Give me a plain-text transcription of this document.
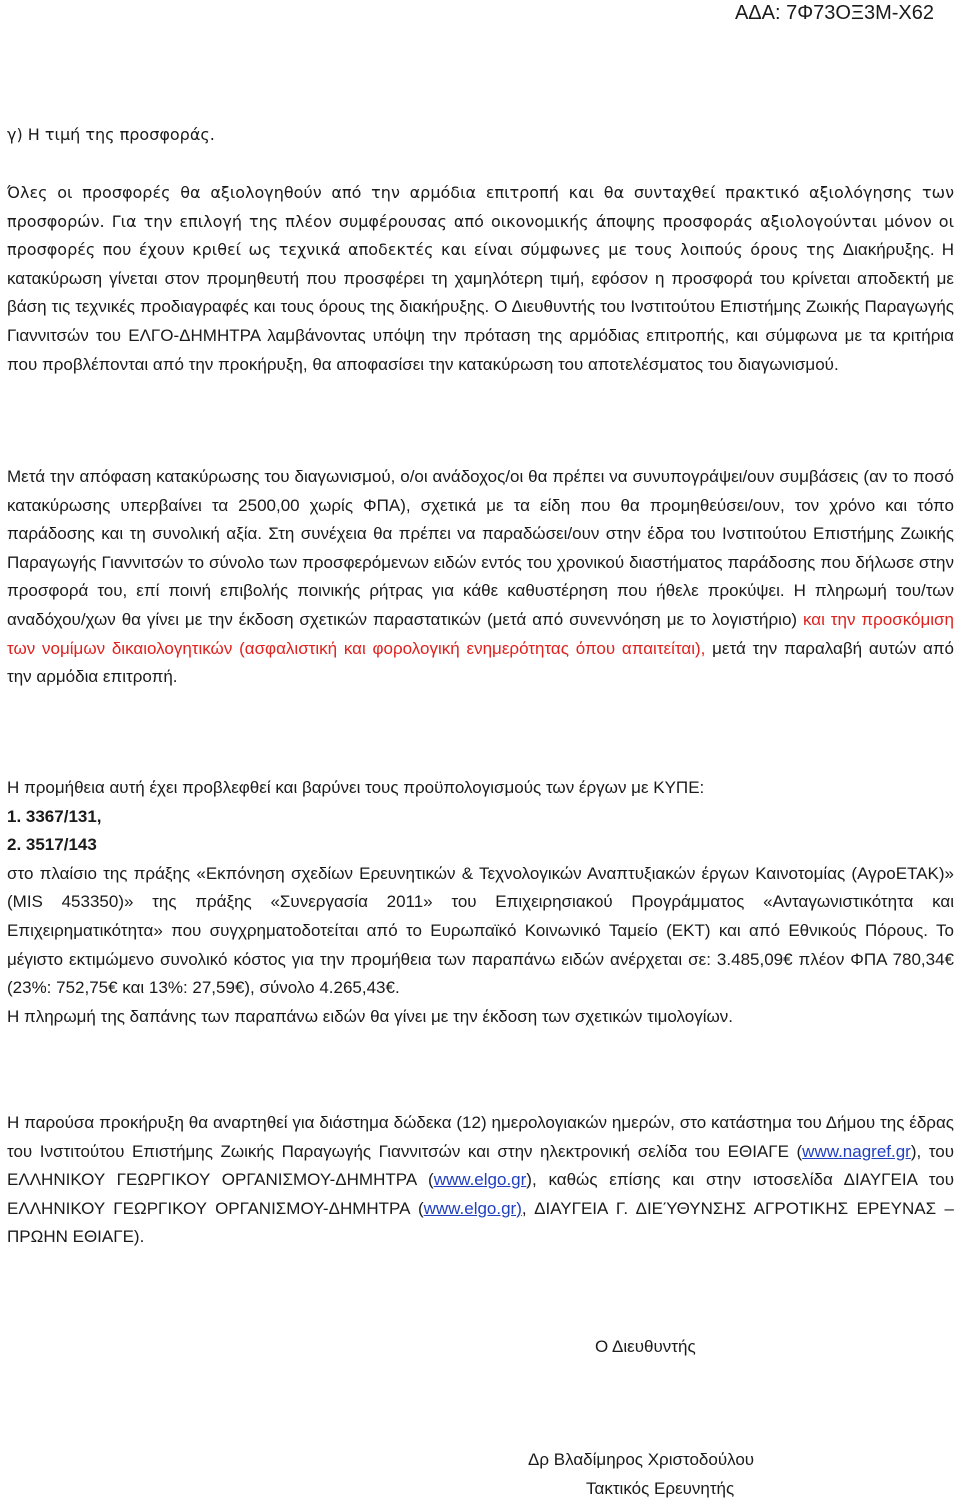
ΑΔΑ: 7Φ73ΟΞ3Μ-Χ62

γ) Η τιμή της προσφοράς.

Όλες οι προσφορές θα αξιολογηθούν από την αρμόδια επιτροπή και θα συνταχθεί πρακτικό αξιολόγησης των προσφορών. Για την επιλογή της πλέον συμφέρουσας από οικονομικής άποψης προσφοράς αξιολογούνται μόνον οι προσφορές που έχουν κριθεί ως τεχνικά αποδεκτές και είναι σύμφωνες με τους λοιπούς όρους της Διακήρυξης. Η κατακύρωση γίνεται στον προμηθευτή που προσφέρει τη χαμηλότερη τιμή, εφόσον η προσφορά του κρίνεται αποδεκτή με βάση τις τεχνικές προδιαγραφές και τους όρους της διακήρυξης. Ο Διευθυντής του Ινστιτούτου Επιστήμης Ζωικής Παραγωγής Γιαννιτσών του ΕΛΓΟ-ΔΗΜΗΤΡΑ λαμβάνοντας υπόψη την πρόταση της αρμόδιας επιτροπής, και σύμφωνα με τα κριτήρια που προβλέπονται από την προκήρυξη, θα αποφασίσει την κατακύρωση του αποτελέσματος του διαγωνισμού.

Μετά την απόφαση κατακύρωσης του διαγωνισμού, ο/οι ανάδοχος/οι θα πρέπει να συνυπογράψει/ουν συμβάσεις (αν το ποσό κατακύρωσης υπερβαίνει τα 2500,00 χωρίς ΦΠΑ), σχετικά με τα είδη που θα προμηθεύσει/ουν, τον χρόνο και τόπο παράδοσης και τη συνολική αξία. Στη συνέχεια θα πρέπει να παραδώσει/ουν στην έδρα του Ινστιτούτου Επιστήμης Ζωικής Παραγωγής Γιαννιτσών το σύνολο των προσφερόμενων ειδών εντός του χρονικού διαστήματος παράδοσης που δήλωσε στην προσφορά του, επί ποινή επιβολής ποινικής ρήτρας για κάθε καθυστέρηση που ήθελε προκύψει. Η πληρωμή του/των αναδόχου/χων θα γίνει με την έκδοση σχετικών παραστατικών (μετά από συνεννόηση με το λογιστήριο) και την προσκόμιση των νομίμων δικαιολογητικών (ασφαλιστική και φορολογική ενημερότητας όπου απαιτείται), μετά την παραλαβή αυτών από την αρμόδια επιτροπή.

Η προμήθεια αυτή έχει προβλεφθεί και βαρύνει τους προϋπολογισμούς των έργων με ΚΥΠΕ:

1. 3367/131,

2. 3517/143

στο πλαίσιο της πράξης «Εκπόνηση σχεδίων Ερευνητικών & Τεχνολογικών Αναπτυξιακών έργων Καινοτομίας (ΑγροΕΤΑΚ)» (MIS 453350)» της πράξης «Συνεργασία 2011» του Επιχειρησιακού Προγράμματος «Ανταγωνιστικότητα και Επιχειρηματικότητα» που συγχρηματοδοτείται από το Ευρωπαϊκό Κοινωνικό Ταμείο (ΕΚΤ) και από Εθνικούς Πόρους. Το μέγιστο εκτιμώμενο συνολικό κόστος για την προμήθεια των παραπάνω ειδών ανέρχεται σε: 3.485,09€ πλέον ΦΠΑ 780,34€ (23%: 752,75€ και 13%: 27,59€), σύνολο 4.265,43€.

Η πληρωμή της δαπάνης των παραπάνω ειδών θα γίνει με την έκδοση των σχετικών τιμολογίων.

Η παρούσα προκήρυξη θα αναρτηθεί για διάστημα δώδεκα (12) ημερολογιακών ημερών, στο κατάστημα του Δήμου της έδρας του Ινστιτούτου Επιστήμης Ζωικής Παραγωγής Γιαννιτσών και στην ηλεκτρονική σελίδα του ΕΘΙΑΓΕ (www.nagref.gr), του ΕΛΛΗΝΙΚΟΥ ΓΕΩΡΓΙΚΟΥ ΟΡΓΑΝΙΣΜΟΥ-ΔΗΜΗΤΡΑ (www.elgo.gr), καθώς επίσης και στην ιστοσελίδα ΔΙΑΥΓΕΙΑ του ΕΛΛΗΝΙΚΟΥ ΓΕΩΡΓΙΚΟΥ ΟΡΓΑΝΙΣΜΟΥ-ΔΗΜΗΤΡΑ (www.elgo.gr), ΔΙΑΥΓΕΙΑ Γ. ΔΙΕΎΘΥΝΣΗΣ ΑΓΡΟΤΙΚΗΣ ΕΡΕΥΝΑΣ – ΠΡΩΗΝ ΕΘΙΑΓΕ).

Ο Διευθυντής
Δρ Βλαδίμηρος Χριστοδούλου
Τακτικός Ερευνητής
